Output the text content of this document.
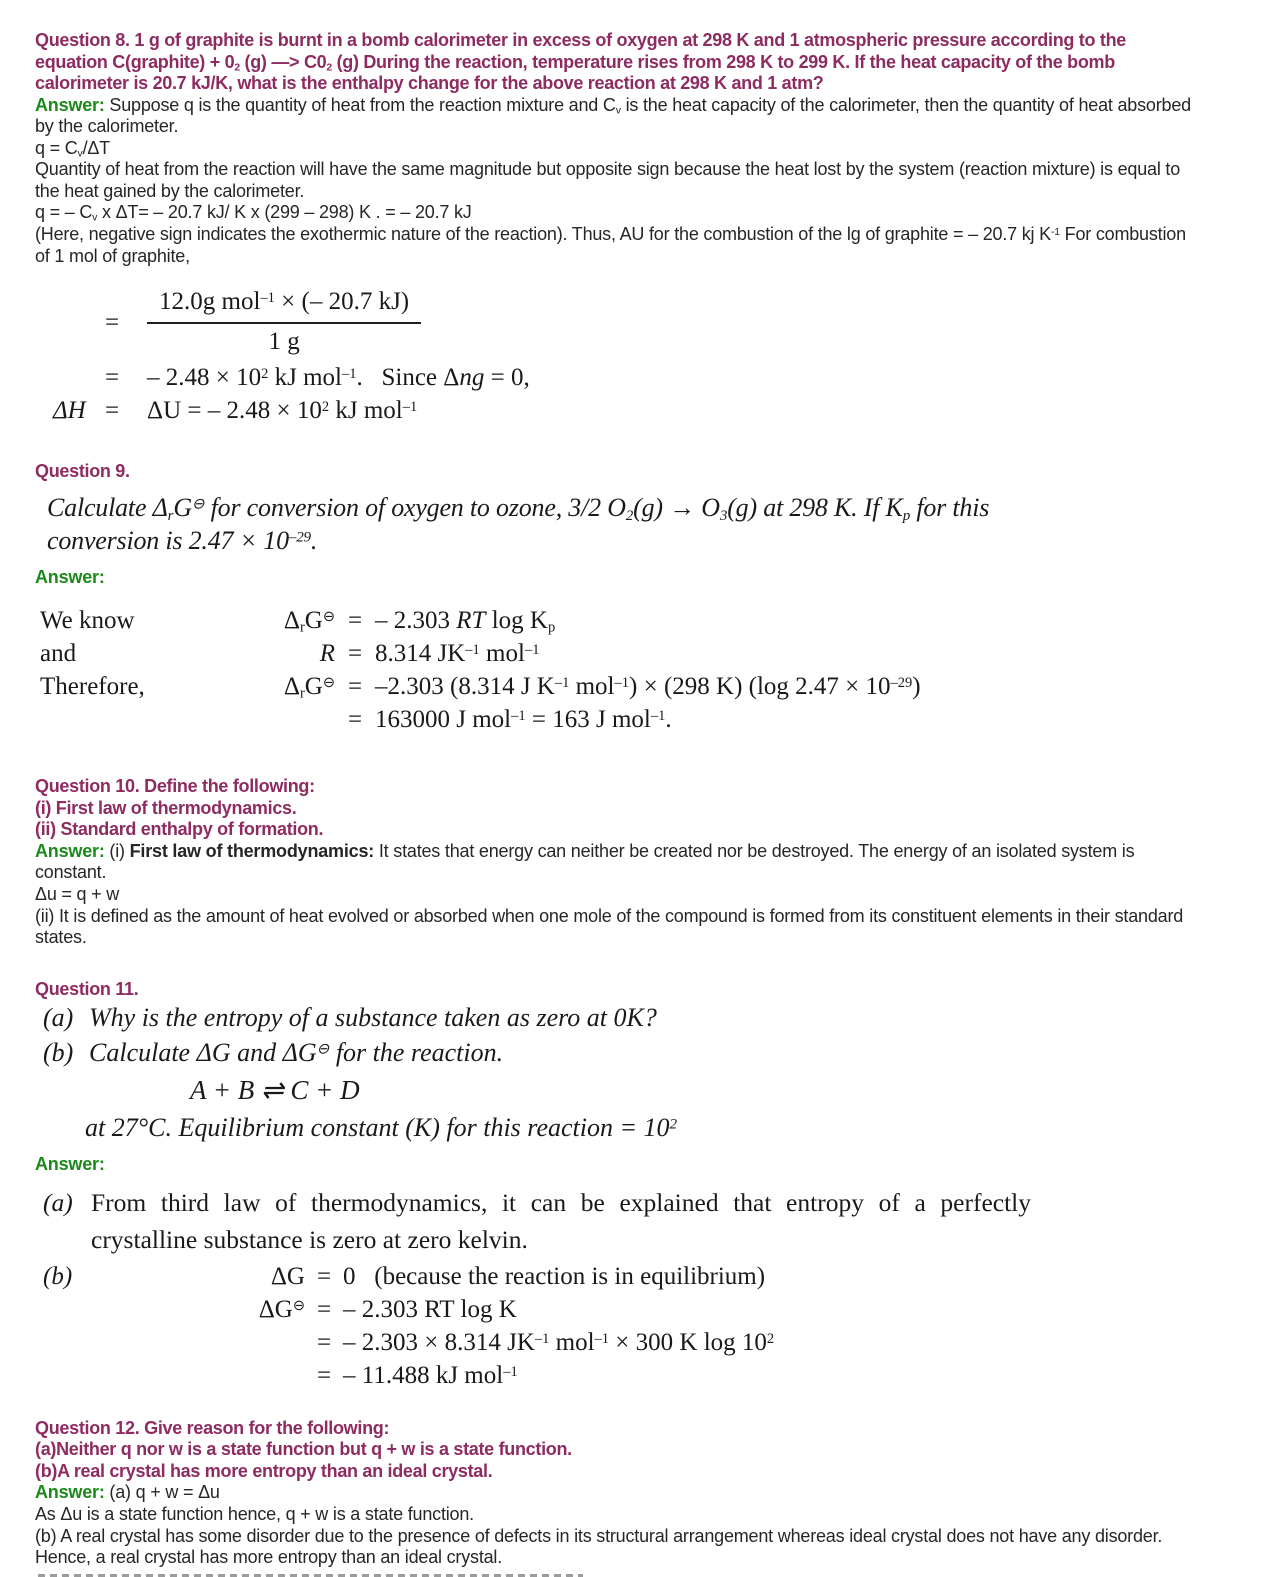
Question 8. 1 g of graphite is burnt in a bomb calorimeter in excess of oxygen at 298 K and 1 atmospheric pressure according to the
equation C(graphite) + $0_2$ (g) —> $C0_2$ (g) During the reaction, temperature rises from 298 K to 299 K. If the heat capacity of the bomb
calorimeter is 20.7 kJ/K, what is the enthalpy change for the above reaction at 298 K and 1 atm?

Answer: Suppose q is the quantity of heat from the reaction mixture and $C_v$ is the heat capacity of the calorimeter, then the quantity of heat absorbed
by the calorimeter.

$q = C_v/\Delta T$

Quantity of heat from the reaction will have the same magnitude but opposite sign because the heat lost by the system (reaction mixture) is equal to
the heat gained by the calorimeter.

q = – $C_v$ x ΔT= – 20.7 kJ/ K x (299 – 298) K . = – 20.7 kJ

(Here, negative sign indicates the exothermic nature of the reaction). Thus, AU for the combustion of the lg of graphite = – 20.7 kj $K^{-1}$ For combustion
of 1 mol of graphite,

=	$\frac{12.0g mol^{-1} \times (- 20.7 kJ)}{1 g}$
=	– $2.48 \times 10^2$ kJ mol$^{-1}$.   Since Δng = 0,
ΔH =	ΔU = – $2.48 \times 10^2$ kJ mol$^{-1}$

Question 9.

Calculate $\Delta_rG^⊖$ for conversion of oxygen to ozone, 3/2 $O_2(g) \to O_3(g)$ at 298 K. If $K_p$ for this
conversion is $2.47 \times 10^{-29}$.

Answer:

We know	$\Delta_rG^⊖$ = – 2.303 RT $\log K_p$
and	R = 8.314 $JK^{-1}$ mol$^{-1}$
Therefore,	$\Delta_rG^⊖ = -2.303$ (8.314 J $K^{-1}$ mol$^{-1}$) × (298 K) (log $2.47 \times 10^{-29}$)
= 163000 J mol$^{-1}$ = 163 J mol$^{-1}$.

Question 10. Define the following:

(i) First law of thermodynamics.

(ii) Standard enthalpy of formation.

Answer: (i) First law of thermodynamics: It states that energy can neither be created nor be destroyed. The energy of an isolated system is
constant.

Δu = q + w

(ii) It is defined as the amount of heat evolved or absorbed when one mole of the compound is formed from its constituent elements in their standard
states.

Question 11.

(a) Why is the entropy of a substance taken as zero at 0K?
(b) Calculate ΔG and ΔG⊖ for the reaction.
A + B ⇌ C + D
at 27°C. Equilibrium constant (K) for this reaction = $10^2$

Answer:

(a) From third law of thermodynamics, it can be explained that entropy of a perfectly crystalline substance is zero at zero kelvin.
(b)	ΔG = 0   (because the reaction is in equilibrium)
ΔG⊖ = – 2.303 RT log K
= – 2.303 × 8.314 $JK^{-1}$ mol$^{-1}$ × 300 K $\log 10^2$
= – 11.488 kJ mol$^{-1}$

Question 12. Give reason for the following:

(a)Neither q nor w is a state function but q + w is a state function.

(b)A real crystal has more entropy than an ideal crystal.

Answer: (a) q + w = Δu

As Δu is a state function hence, q + w is a state function.

(b) A real crystal has some disorder due to the presence of defects in its structural arrangement whereas ideal crystal does not have any disorder.
Hence, a real crystal has more entropy than an ideal crystal.
